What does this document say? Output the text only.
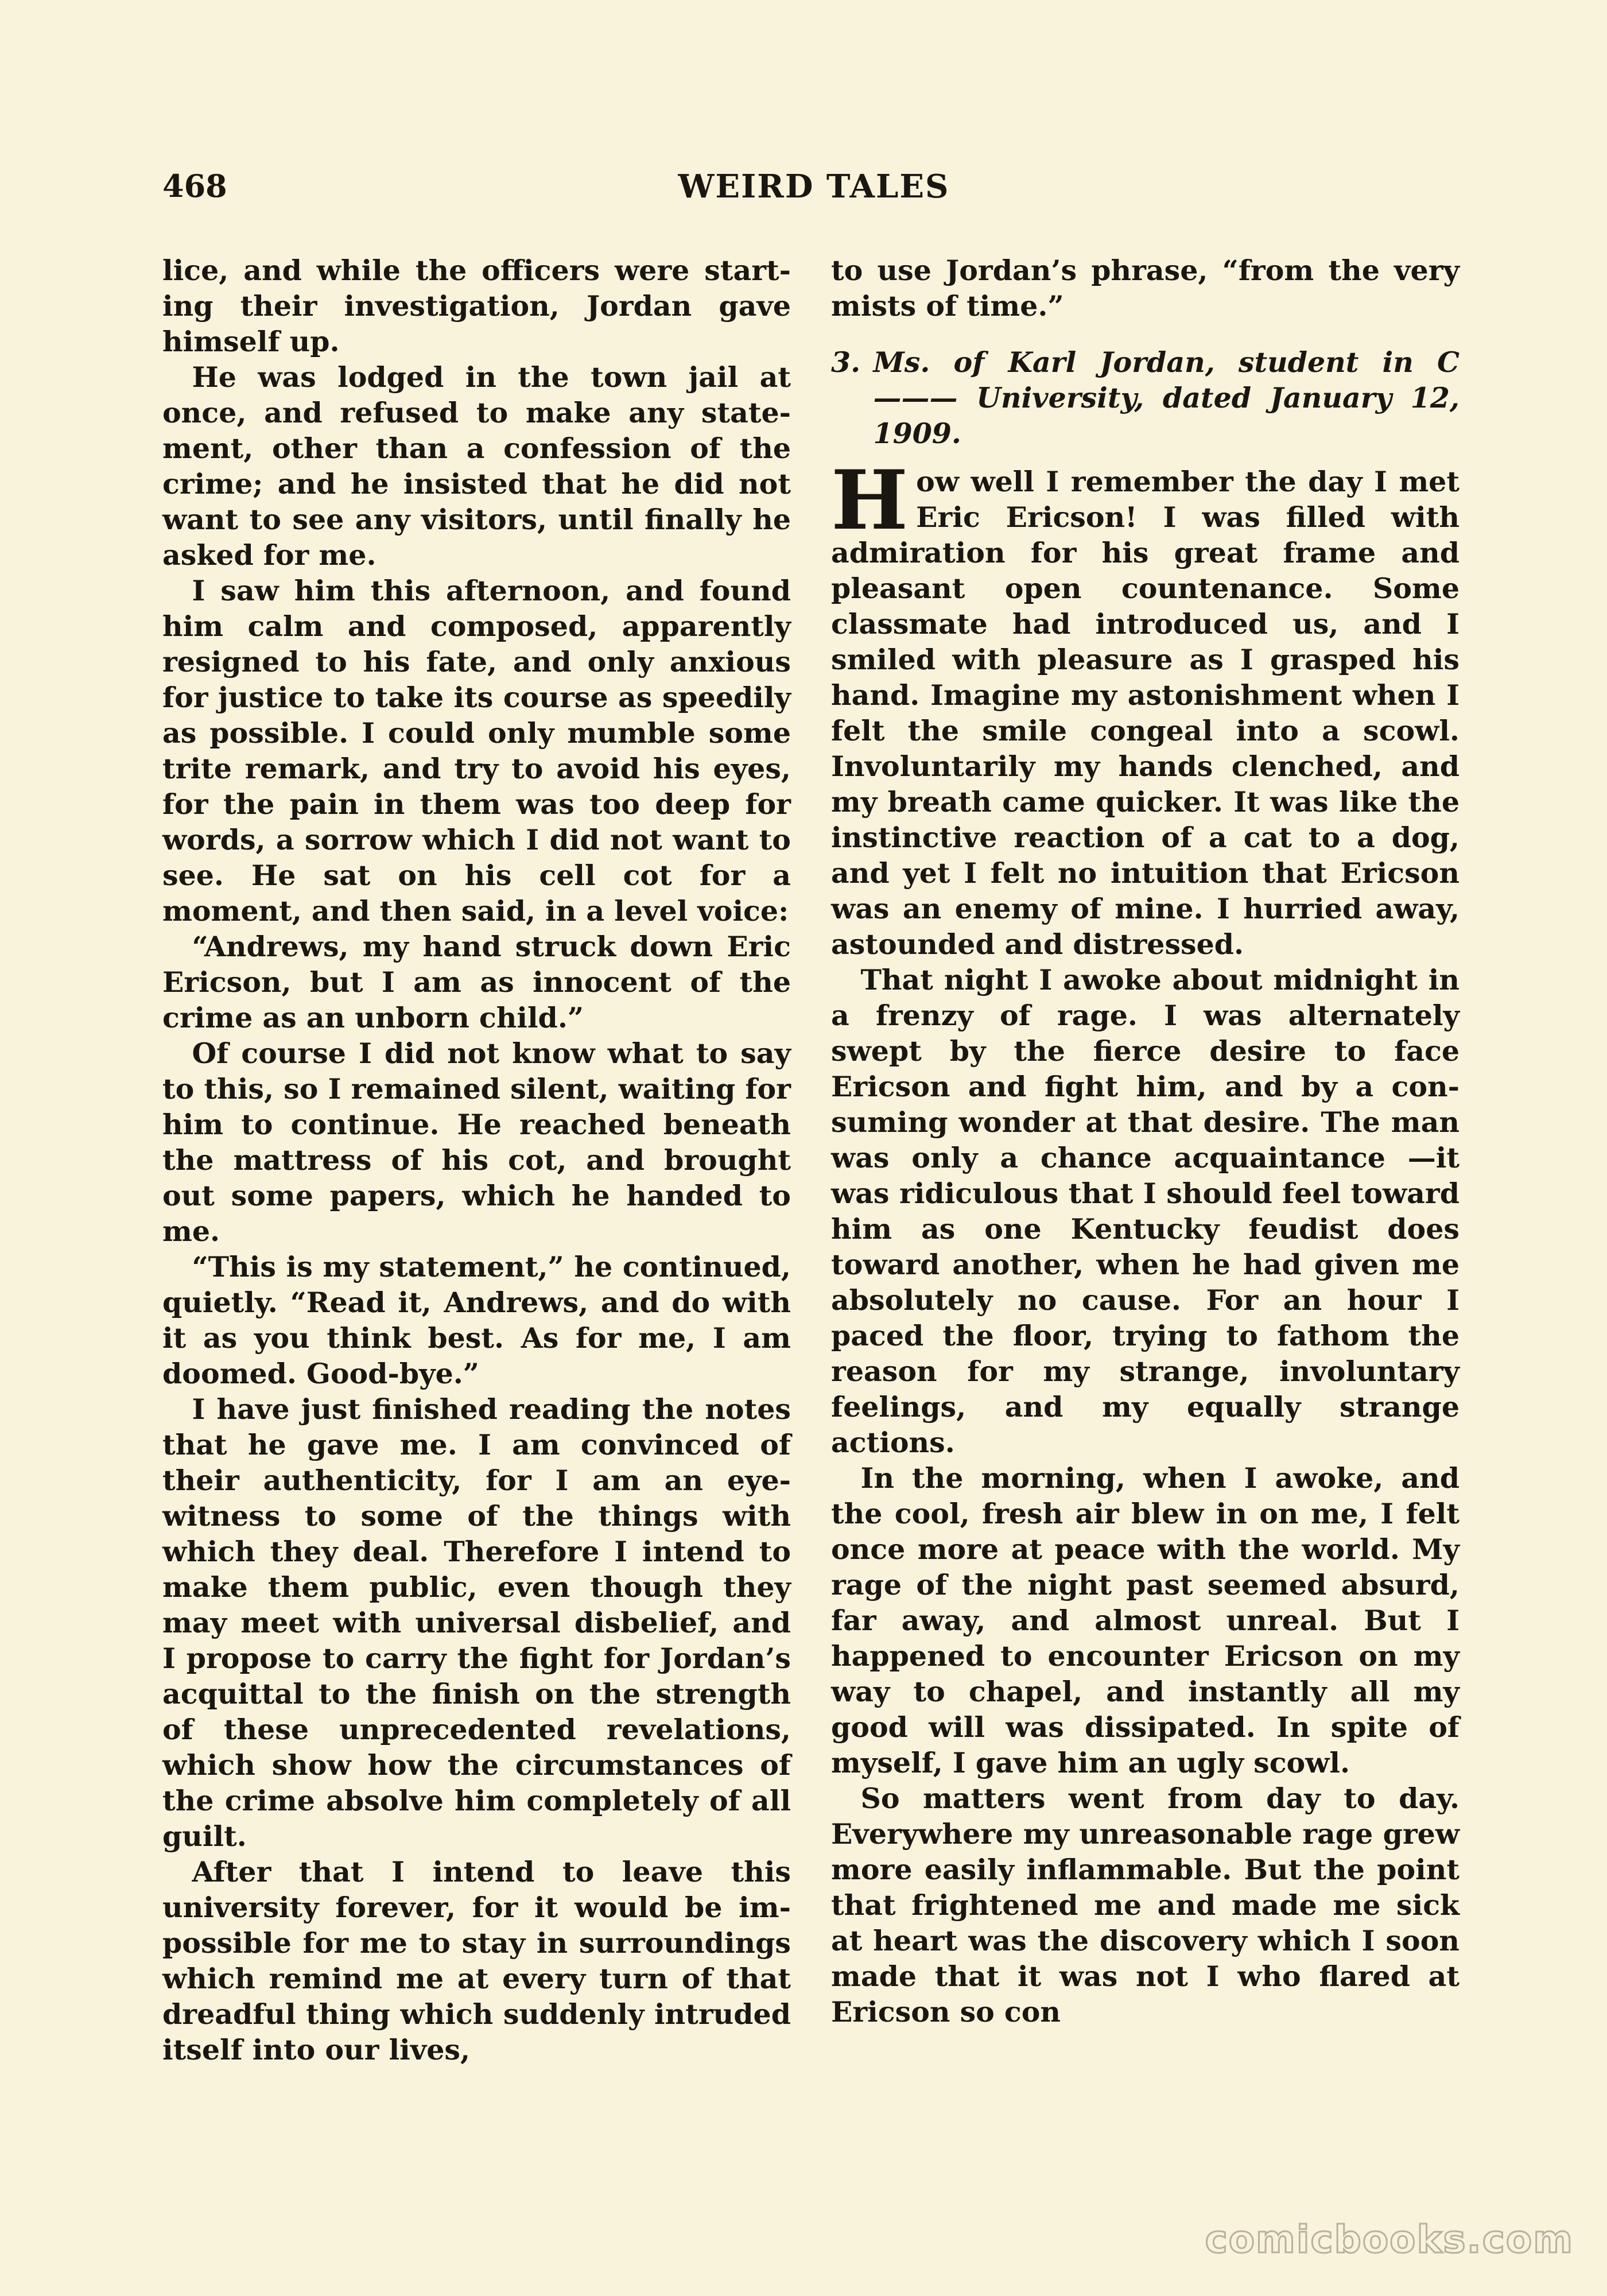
468	WEIRD TALES

lice, and while the officers were starting their investigation, Jordan gave himself up.

He was lodged in the town jail at once, and refused to make any statement, other than a confession of the crime; and he insisted that he did not want to see any visitors, until finally he asked for me.

I saw him this afternoon, and found him calm and composed, apparently resigned to his fate, and only anxious for justice to take its course as speedily as possible. I could only mumble some trite remark, and try to avoid his eyes, for the pain in them was too deep for words, a sorrow which I did not want to see. He sat on his cell cot for a moment, and then said, in a level voice:

“Andrews, my hand struck down Eric Ericson, but I am as innocent of the crime as an unborn child.”

Of course I did not know what to say to this, so I remained silent, waiting for him to continue. He reached beneath the mattress of his cot, and brought out some papers, which he handed to me.

“This is my statement,” he continued, quietly. “Read it, Andrews, and do with it as you think best. As for me, I am doomed. Good-bye.”

I have just finished reading the notes that he gave me. I am convinced of their authenticity, for I am an eye-witness to some of the things with which they deal. Therefore I intend to make them public, even though they may meet with universal disbelief, and I propose to carry the fight for Jordan’s acquittal to the finish on the strength of these unprecedented revelations, which show how the circumstances of the crime absolve him completely of all guilt.

After that I intend to leave this university forever, for it would be impossible for me to stay in surroundings which remind me at every turn of that dreadful thing which suddenly intruded itself into our lives,

to use Jordan’s phrase, “from the very mists of time.”

3. Ms. of Karl Jordan, student in C——— University, dated January 12, 1909.

How well I remember the day I met Eric Ericson! I was filled with admiration for his great frame and pleasant open countenance. Some classmate had introduced us, and I smiled with pleasure as I grasped his hand. Imagine my astonishment when I felt the smile congeal into a scowl. Involuntarily my hands clenched, and my breath came quicker. It was like the instinctive reaction of a cat to a dog, and yet I felt no intuition that Ericson was an enemy of mine. I hurried away, astounded and distressed.

That night I awoke about midnight in a frenzy of rage. I was alternately swept by the fierce desire to face Ericson and fight him, and by a consuming wonder at that desire. The man was only a chance acquaintance —it was ridiculous that I should feel toward him as one Kentucky feudist does toward another, when he had given me absolutely no cause. For an hour I paced the floor, trying to fathom the reason for my strange, involuntary feelings, and my equally strange actions.

In the morning, when I awoke, and the cool, fresh air blew in on me, I felt once more at peace with the world. My rage of the night past seemed absurd, far away, and almost unreal. But I happened to encounter Ericson on my way to chapel, and instantly all my good will was dissipated. In spite of myself, I gave him an ugly scowl.

So matters went from day to day. Everywhere my unreasonable rage grew more easily inflammable. But the point that frightened me and made me sick at heart was the discovery which I soon made that it was not I who flared at Ericson so con

comicbooks.com
